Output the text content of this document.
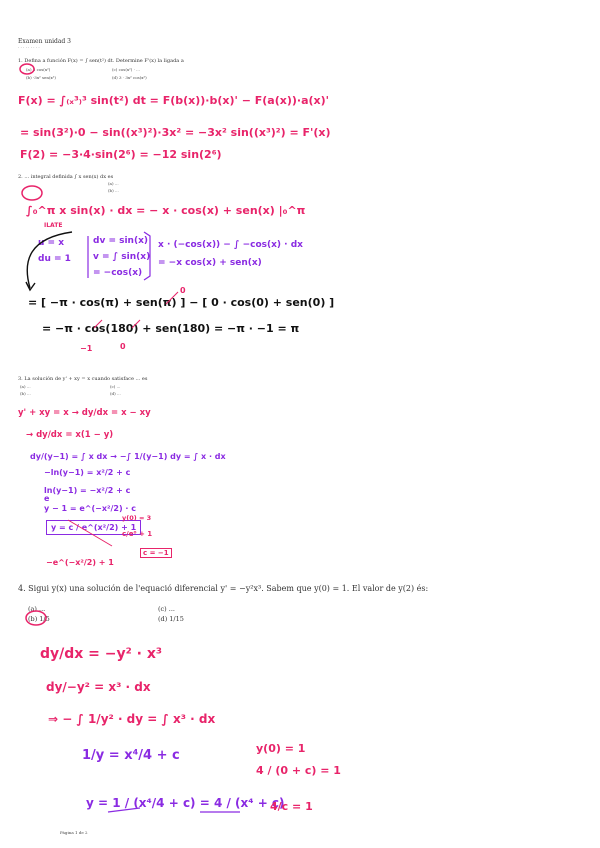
Examen unidad 3
· · · · · · · · ·
1. Defina a función F(x) = ∫ sen(t²) dt. Determine F'(x) la ligada a
(a) 3 cos(x²)
(b) -3x² sen(x²)
(c) cos(x²) · ...
(d) 3 · 3x² cos(x²)
F(x) = ∫₍ₓ³₎³ sin(t²) dt = F(b(x))·b(x)' − F(a(x))·a(x)'
= sin(3²)·0 − sin((x³)²)·3x² = −3x² sin((x³)²) = F'(x)
F(2) = −3·4·sin(2⁶) = −12 sin(2⁶)
2. ... integral definida ∫ x sen(x) dx es
(a) ...
(b) ...
∫₀^π x sin(x) · dx = − x · cos(x) + sen(x) |₀^π
ILATE
u = x
du = 1
dv = sin(x)
v = ∫ sin(x)
= −cos(x)
x · (−cos(x)) − ∫ −cos(x) · dx
= −x cos(x) + sen(x)
= [ −π · cos(π) + sen(π) ] − [ 0 · cos(0) + sen(0) ]
= −π · cos(180) + sen(180) = −π · −1 = π
−1	0
0
3. La solución de y' + xy = x cuando satisface ... es
(a) ...
(b) ...
(c) ...
(d) ...
y' + xy = x → dy/dx = x − xy
→ dy/dx = x(1 − y)
dy/(y−1) = ∫ x dx → −∫ 1/(y−1) dy = ∫ x · dx
−ln(y−1) = x²/2 + c
ln(y−1) = −x²/2 + c
e
y − 1 = e^(−x²/2) · c
y = c / e^(x²/2) + 1
y(0) = 3
c/e⁰ + 1
c = −1
−e^(−x²/2) + 1
4. Sigui y(x) una solución de l'equació diferencial y' = −y²x³. Sabem que y(0) = 1. El valor de y(2) és:
(a) ...
(b) 1/5
(c) ...
(d) 1/15
dy/dx = −y² · x³
dy/−y² = x³ · dx
⇒ − ∫ 1/y² · dy = ∫ x³ · dx
1/y = x⁴/4 + c
y = 1 / (x⁴/4 + c) = 4 / (x⁴ + c)
y(0) = 1
4 / (0 + c) = 1
4/c = 1
Pàgina 1 de 2
